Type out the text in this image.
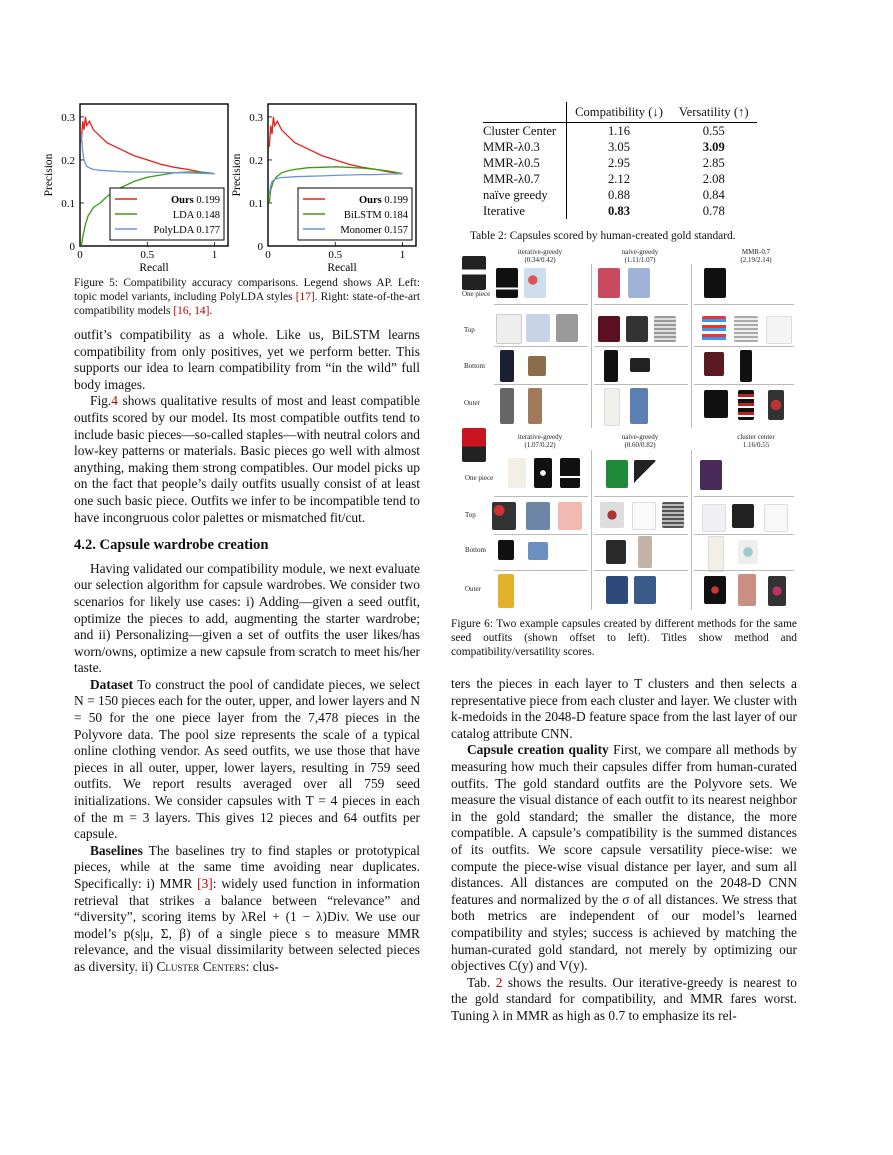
0	0.5	1
0
0.1
0.2
0.3
Recall
Precision
Ours 0.199
LDA 0.148
PolyLDA 0.177
0	0.5	1
0
0.1
0.2
0.3
Recall
Precision
Ours 0.199
BiLSTM 0.184
Monomer 0.157
Figure 5: Compatibility accuracy comparisons. Legend shows AP. Left: topic model variants, including PolyLDA styles [17]. Right: state-of-the-art compatibility models [16, 14].

outfit’s compatibility as a whole. Like us, BiLSTM learns compatibility from only positives, yet we perform better. This supports our idea to learn compatibility from “in the wild” full body images.

Fig.4 shows qualitative results of most and least compatible outfits scored by our model. Its most compatible outfits tend to include basic pieces—so-called staples—with neutral colors and low-key patterns or materials. Basic pieces go well with almost anything, making them strong compatibles. Our model picks up on the fact that people’s daily outfits usually consist of at least one such basic piece. Outfits we infer to be incompatible tend to have incongruous color palettes or mismatched fit/cut.

4.2. Capsule wardrobe creation

Having validated our compatibility module, we next evaluate our selection algorithm for capsule wardrobes. We consider two scenarios for likely use cases: i) Adding—given a seed outfit, optimize the pieces to add, augmenting the starter wardrobe; and ii) Personalizing—given a set of outfits the user likes/has worn/owns, optimize a new capsule from scratch to meet his/her taste.

Dataset To construct the pool of candidate pieces, we select N = 150 pieces each for the outer, upper, and lower layers and N = 50 for the one piece layer from the 7,478 pieces in the Polyvore data. The pool size represents the scale of a typical online clothing vendor. As seed outfits, we use those that have pieces in all outer, upper, lower layers, resulting in 759 seed outfits. We report results averaged over all 759 seed initializations. We consider capsules with T = 4 pieces in each of the m = 3 layers. This gives 12 pieces and 64 outfits per capsule.

Baselines The baselines try to find staples or prototypical pieces, while at the same time avoiding near duplicates. Specifically: i) MMR [3]: widely used function in information retrieval that strikes a balance between “relevance” and “diversity”, scoring items by λRel + (1 − λ)Div. We use our model’s p(s|μ, Σ, β) of a single piece s to measure MMR relevance, and the visual dissimilarity between selected pieces as diversity. ii) Cluster Centers: clus-

	Compatibility (↓)	Versatility (↑)
Cluster Center	1.16	0.55
MMR-λ0.3	3.05	3.09
MMR-λ0.5	2.95	2.85
MMR-λ0.7	2.12	2.08
naïve greedy	0.88	0.84
Iterative	0.83	0.78
Table 2: Capsules scored by human-created gold standard.
iterative-greedy
(0.34/0.42)
naive-greedy
(1.11/1.07)
MMR-0.7
(2.19/2.14)
One piece
Top
Bottom
Outer
iterative-greedy
(1.07/0.22)
naive-greedy
(0.60/0.82)
cluster center
1.16/0.55
One piece
Top
Bottom
Outer
Figure 6: Two example capsules created by different methods for the same seed outfits (shown offset to left). Titles show method and compatibility/versatility scores.

ters the pieces in each layer to T clusters and then selects a representative piece from each cluster and layer. We cluster with k-medoids in the 2048-D feature space from the last layer of our catalog attribute CNN.

Capsule creation quality First, we compare all methods by measuring how much their capsules differ from human-curated outfits. The gold standard outfits are the Polyvore sets. We measure the visual distance of each outfit to its nearest neighbor in the gold standard; the smaller the distance, the more compatible. A capsule’s compatibility is the summed distances of its outfits. We score capsule versatility piece-wise: we compute the piece-wise visual distance per layer, and sum all distances. All distances are computed on the 2048-D CNN features and normalized by the σ of all distances. We stress that both metrics are independent of our model’s learned compatibility and styles; success is achieved by matching the human-curated gold standard, not merely by optimizing our objectives C(y) and V(y).

Tab. 2 shows the results. Our iterative-greedy is nearest to the gold standard for compatibility, and MMR fares worst. Tuning λ in MMR as high as 0.7 to emphasize its rel-
